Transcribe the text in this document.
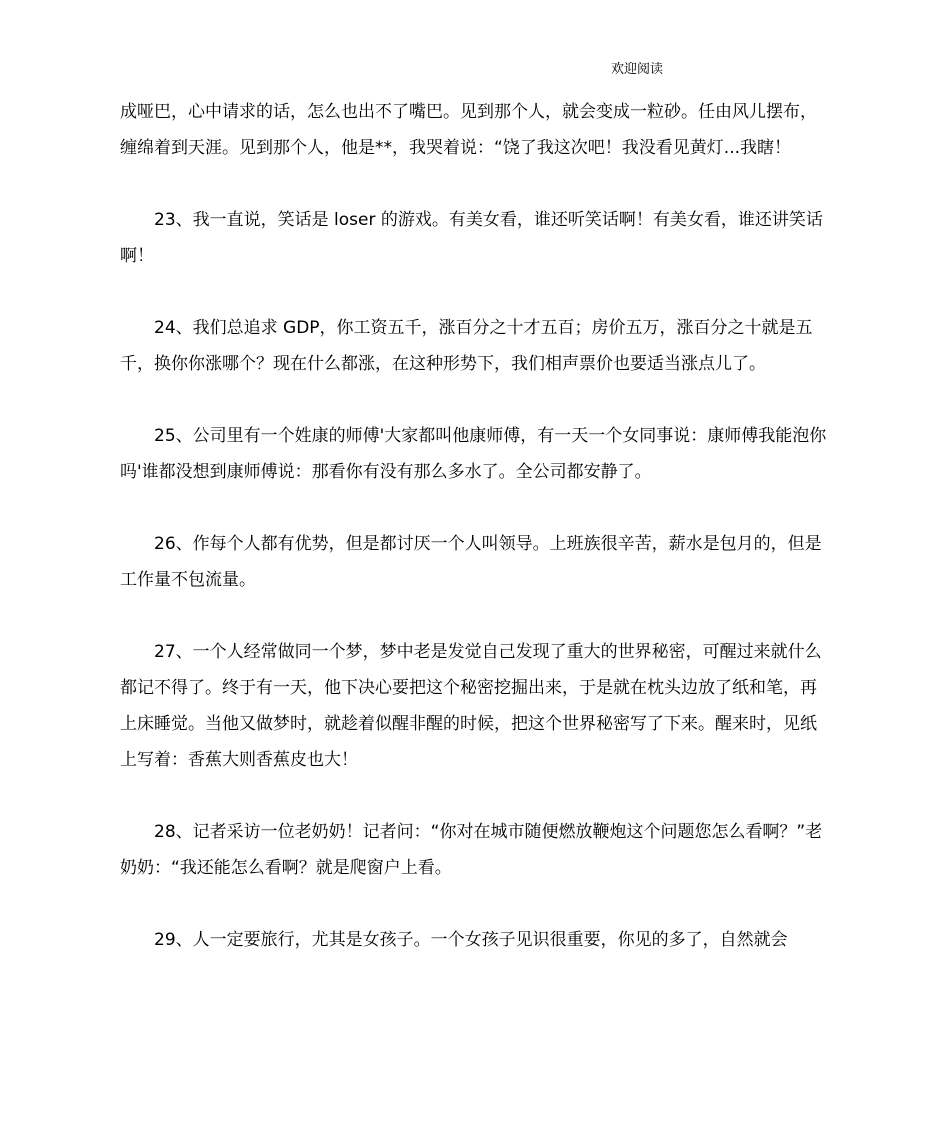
欢迎阅读

成哑巴，心中请求的话，怎么也出不了嘴巴。见到那个人，就会变成一粒砂。任由风儿摆布，缠绵着到天涯。见到那个人，他是**，我哭着说：“饶了我这次吧！我没看见黄灯...我瞎！

23、我一直说，笑话是 loser 的游戏。有美女看，谁还听笑话啊！有美女看，谁还讲笑话啊！

24、我们总追求 GDP，你工资五千，涨百分之十才五百；房价五万，涨百分之十就是五千，换你你涨哪个？现在什么都涨，在这种形势下，我们相声票价也要适当涨点儿了。

25、公司里有一个姓康的师傅'大家都叫他康师傅，有一天一个女同事说：康师傅我能泡你吗'谁都没想到康师傅说：那看你有没有那么多水了。全公司都安静了。

26、作每个人都有优势，但是都讨厌一个人叫领导。上班族很辛苦，薪水是包月的，但是工作量不包流量。

27、一个人经常做同一个梦，梦中老是发觉自己发现了重大的世界秘密，可醒过来就什么都记不得了。终于有一天，他下决心要把这个秘密挖掘出来，于是就在枕头边放了纸和笔，再上床睡觉。当他又做梦时，就趁着似醒非醒的时候，把这个世界秘密写了下来。醒来时，见纸上写着：香蕉大则香蕉皮也大！

28、记者采访一位老奶奶！记者问：“你对在城市随便燃放鞭炮这个问题您怎么看啊？”老奶奶：“我还能怎么看啊？就是爬窗户上看。

29、人一定要旅行，尤其是女孩子。一个女孩子见识很重要，你见的多了，自然就会
